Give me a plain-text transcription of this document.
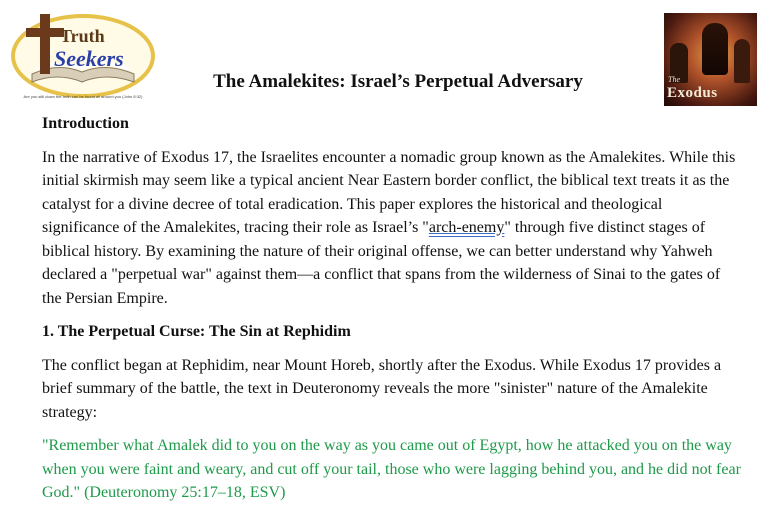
Truth
Seekers
Are you still down the truth can be found all around you (John 8:32)
The
Exodus
The Amalekites: Israel’s Perpetual Adversary

Introduction

In the narrative of Exodus 17, the Israelites encounter a nomadic group known as the Amalekites. While this initial skirmish may seem like a typical ancient Near Eastern border conflict, the biblical text treats it as the catalyst for a divine decree of total eradication. This paper explores the historical and theological significance of the Amalekites, tracing their role as Israel’s "arch-enemy" through five distinct stages of biblical history. By examining the nature of their original offense, we can better understand why Yahweh declared a "perpetual war" against them—a conflict that spans from the wilderness of Sinai to the gates of the Persian Empire.

1. The Perpetual Curse: The Sin at Rephidim

The conflict began at Rephidim, near Mount Horeb, shortly after the Exodus. While Exodus 17 provides a brief summary of the battle, the text in Deuteronomy reveals the more "sinister" nature of the Amalekite strategy:

"Remember what Amalek did to you on the way as you came out of Egypt, how he attacked you on the way when you were faint and weary, and cut off your tail, those who were lagging behind you, and he did not fear God." (Deuteronomy 25:17–18, ESV)
